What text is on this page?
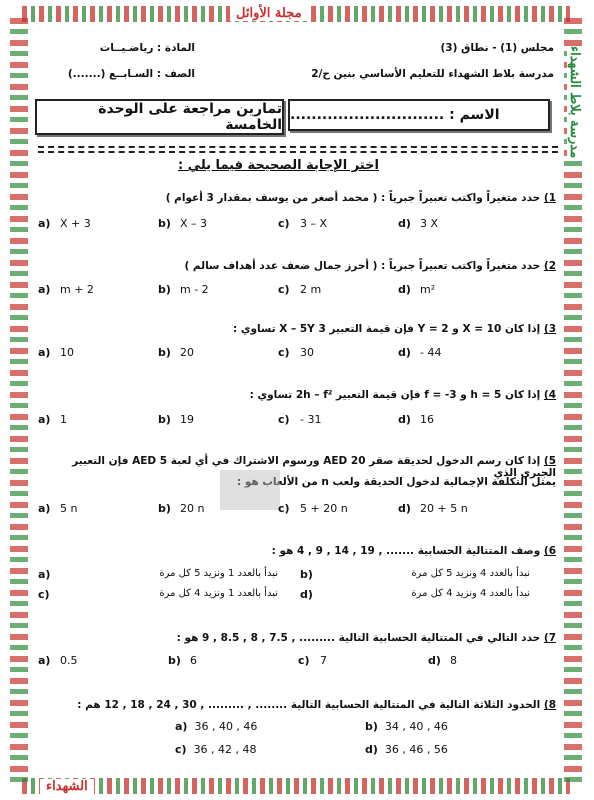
مجلة الأوائل
مدرسة بلاط الشهداء
الشهداء
المادة : رياضـيــات	مجلس (1) - نطاق (3)
الصف : السـابــع (.......)	مدرسة بلاط الشهداء للتعليم الأساسي بنين ح/2
تمارين مراجعة على الوحدة الخامسة
الاسم : .............................
اختر الإجابة الصحيحة فيما يلي :
1) حدد متغيراً واكتب تعبيراً جبرياً : ( محمد أصغر من يوسف بمقدار 3 أعوام )
a) X + 3	b) X – 3	c) 3 – X	d) 3 X
2) حدد متغيراً واكتب تعبيراً جبرياً : ( أحرز جمال ضعف عدد أهداف سالم )
a) m + 2	b) m - 2	c) 2 m	d) m²
3) إذا كان X = 10 و Y = 2 فإن قيمة التعبير 3 X – 5Y تساوي :
a) 10	b) 20	c) 30	d) - 44
4) إذا كان h = 5 و f = -3 فإن قيمة التعبير 2h – f² تساوي :
a) 1	b) 19	c) - 31	d) 16
5) إذا كان رسم الدخول لحديقة صقر AED 20 ورسوم الاشتراك في أي لعبة AED 5 فإن التعبير الجبري الذي
يمثل التكلفة الإجمالية لدخول الحديقة ولعب n من الألعاب هو :
a) 5 n	b) 20 n	c) 5 + 20 n	d) 20 + 5 n
6) وصف المتتالية الحسابية ....... , 19 , 14 , 9 , 4 هو :
a)	نبدأ بالعدد 1 ونزيد 5 كل مرة b)	نبدأ بالعدد 4 ونزيد 5 كل مرة
c)	نبدأ بالعدد 1 ونزيد 4 كل مرة d)	نبدأ بالعدد 4 ونزيد 4 كل مرة
7) حدد التالي في المتتالية الحسابية التالية ......... , 7.5 , 8 , 8.5 , 9 هو :
a) 0.5	b) 6	c) 7	d) 8
8) الحدود الثلاثة التالية في المتتالية الحسابية التالية ........ , ......... , 30 , 24 , 18 , 12 هم :
a) 36 , 40 , 46	b) 34 , 40 , 46
c) 36 , 42 , 48	d) 36 , 46 , 56
